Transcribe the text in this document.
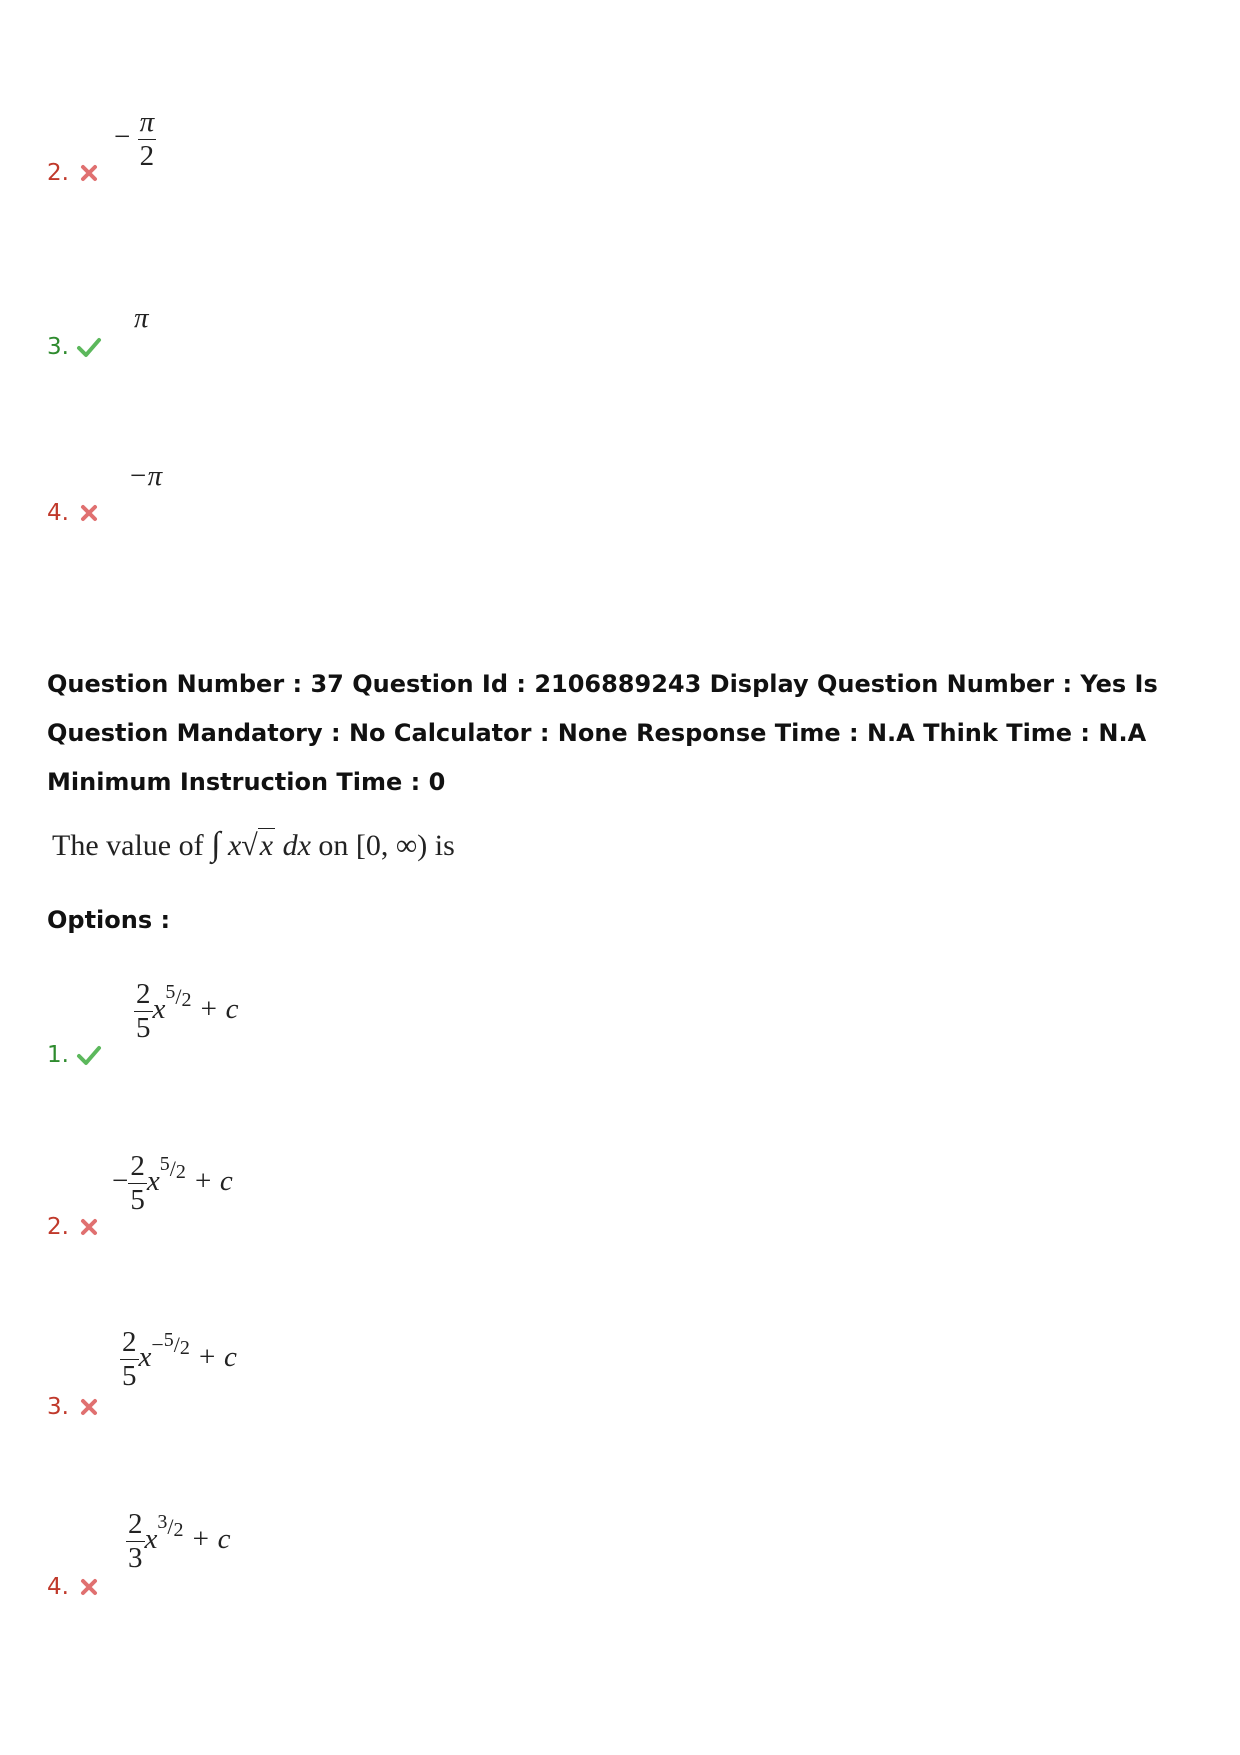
− $\frac{\pi}{2}$
2.
π
3.
−π
4.
Question Number : 37 Question Id : 2106889243 Display Question Number : Yes Is Question Mandatory : No Calculator : None Response Time : N.A Think Time : N.A Minimum Instruction Time : 0
The value of ∫ x√x dx on [0, ∞) is
Options :
$\frac{2}{5} x^{5/2} + c$
1.
− $\frac{2}{5} x^{5/2} + c$
2.
$\frac{2}{5} x^{-5/2} + c$
3.
$\frac{2}{3} x^{3/2} + c$
4.
